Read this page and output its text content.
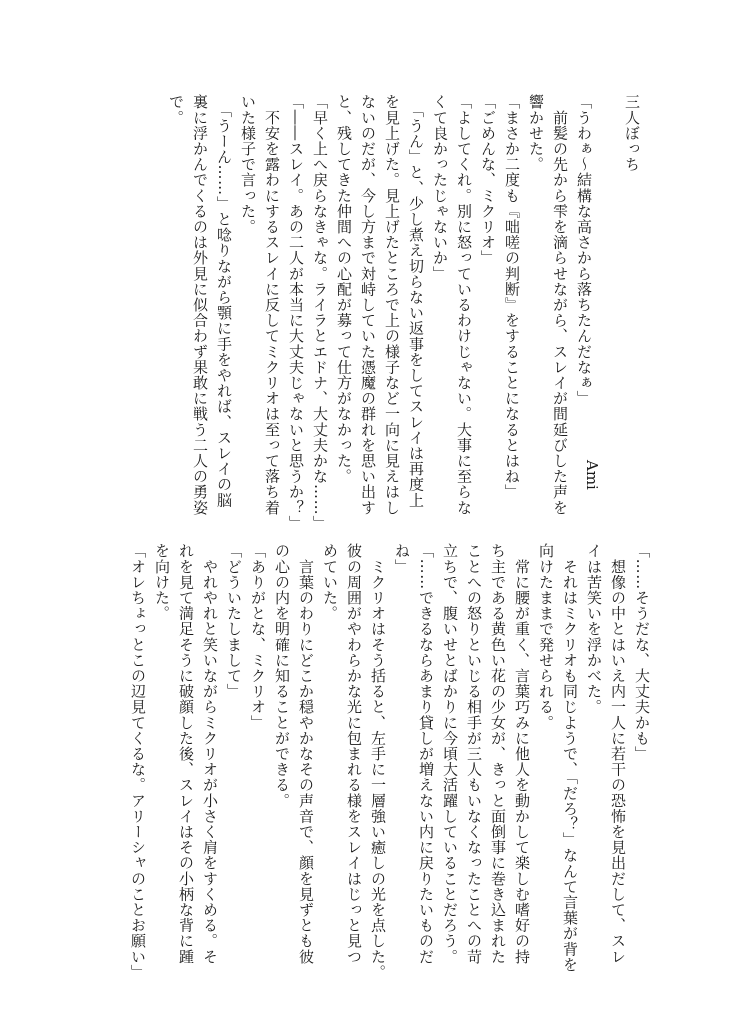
三人ぼっち
「うわぁ～結構な高さから落ちたんだなぁ」
　前髪の先から雫を滴らせながら、スレイが間延びした声を
響かせた。
「まさか二度も『咄嗟の判断』をすることになるとはね」
「ごめんな、ミクリオ」
「よしてくれ。別に怒っているわけじゃない。大事に至らな
くて良かったじゃないか」
　「うん」と、少し煮え切らない返事をしてスレイは再度上
を見上げた。見上げたところで上の様子など一向に見えはし
ないのだが、今し方まで対峙していた憑魔の群れを思い出す
と、残してきた仲間への心配が募って仕方がなかった。
「早く上へ戻らなきゃな。ライラとエドナ、大丈夫かな……」
「――スレイ。あの二人が本当に大丈夫じゃないと思うか？」
　不安を露わにするスレイに反してミクリオは至って落ち着
いた様子で言った。
　「うーん……」と唸りながら顎に手をやれば、スレイの脳
裏に浮かんでくるのは外見に似合わず果敢に戦う二人の勇姿
で。
Ami
「……そうだな、大丈夫かも」
　想像の中とはいえ内一人に若干の恐怖を見出だして、スレ
イは苦笑いを浮かべた。
　それはミクリオも同じようで、「だろ？」なんて言葉が背を
向けたままで発せられる。
　常に腰が重く、言葉巧みに他人を動かして楽しむ嗜好の持
ち主である黄色い花の少女が、きっと面倒事に巻き込まれた
ことへの怒りといじる相手が三人もいなくなったことへの苛
立ちで、腹いせとばかりに今頃大活躍していることだろう。
「……できるならあまり貸しが増えない内に戻りたいものだ
ね」
　ミクリオはそう括ると、左手に一層強い癒しの光を点した。
彼の周囲がやわらかな光に包まれる様をスレイはじっと見つ
めていた。
　言葉のわりにどこか穏やかなその声音で、顔を見ずとも彼
の心の内を明確に知ることができる。
「ありがとな、ミクリオ」
「どういたしまして」
　やれやれと笑いながらミクリオが小さく肩をすくめる。そ
れを見て満足そうに破顔した後、スレイはその小柄な背に踵
を向けた。
「オレちょっとこの辺見てくるな。アリーシャのことお願い」
